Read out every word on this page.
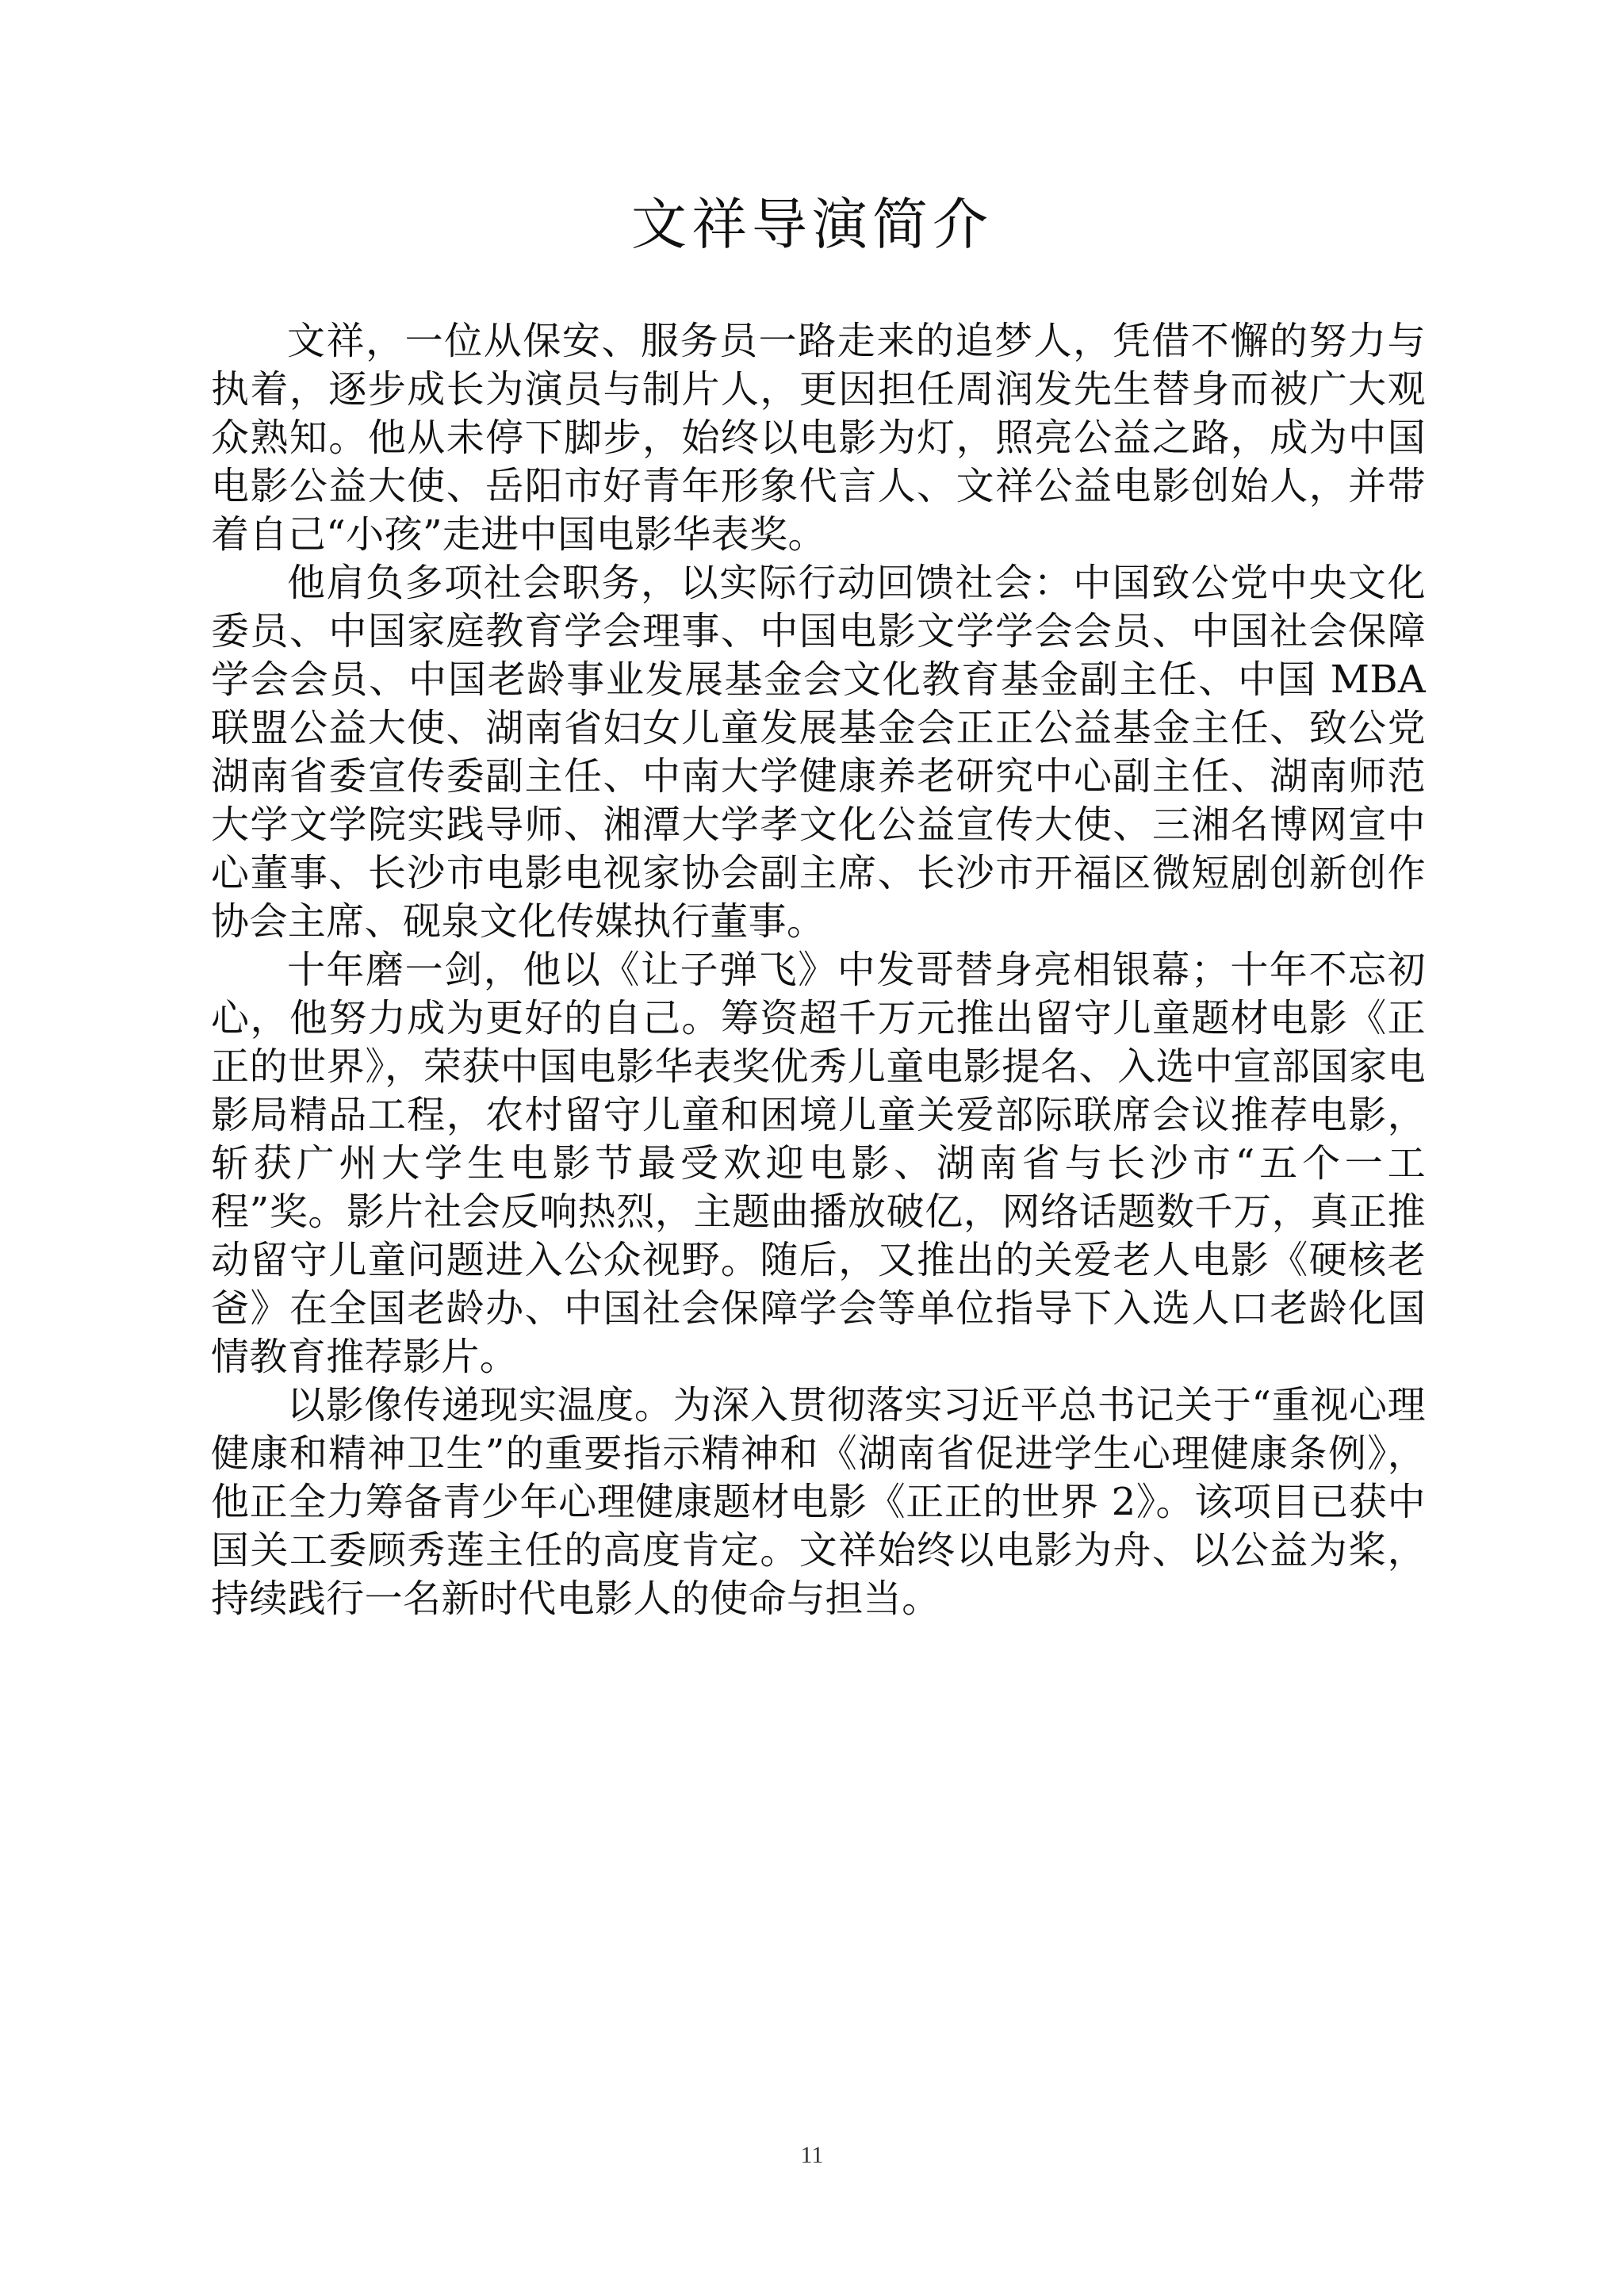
文祥导演简介

文祥，一位从保安、服务员一路走来的追梦人，凭借不懈的努力与执着，逐步成长为演员与制片人，更因担任周润发先生替身而被广大观众熟知。他从未停下脚步，始终以电影为灯，照亮公益之路，成为中国电影公益大使、岳阳市好青年形象代言人、文祥公益电影创始人，并带着自己“小孩”走进中国电影华表奖。

他肩负多项社会职务，以实际行动回馈社会：中国致公党中央文化委员、中国家庭教育学会理事、中国电影文学学会会员、中国社会保障学会会员、中国老龄事业发展基金会文化教育基金副主任、中国 MBA 联盟公益大使、湖南省妇女儿童发展基金会正正公益基金主任、致公党湖南省委宣传委副主任、中南大学健康养老研究中心副主任、湖南师范大学文学院实践导师、湘潭大学孝文化公益宣传大使、三湘名博网宣中心董事、长沙市电影电视家协会副主席、长沙市开福区微短剧创新创作协会主席、砚泉文化传媒执行董事。

十年磨一剑，他以《让子弹飞》中发哥替身亮相银幕；十年不忘初心，他努力成为更好的自己。筹资超千万元推出留守儿童题材电影《正正的世界》，荣获中国电影华表奖优秀儿童电影提名、入选中宣部国家电影局精品工程，农村留守儿童和困境儿童关爱部际联席会议推荐电影，斩获广州大学生电影节最受欢迎电影、湖南省与长沙市“五个一工程”奖。影片社会反响热烈，主题曲播放破亿，网络话题数千万，真正推动留守儿童问题进入公众视野。随后，又推出的关爱老人电影《硬核老爸》在全国老龄办、中国社会保障学会等单位指导下入选人口老龄化国情教育推荐影片。

以影像传递现实温度。为深入贯彻落实习近平总书记关于“重视心理健康和精神卫生”的重要指示精神和《湖南省促进学生心理健康条例》，他正全力筹备青少年心理健康题材电影《正正的世界 2》。该项目已获中国关工委顾秀莲主任的高度肯定。文祥始终以电影为舟、以公益为桨，持续践行一名新时代电影人的使命与担当。

11
